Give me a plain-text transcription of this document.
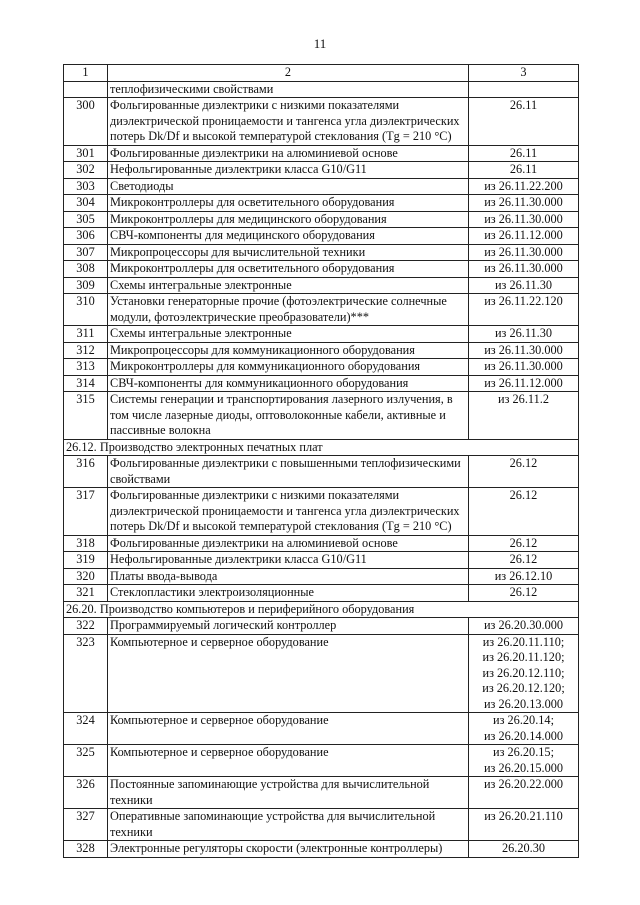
11
1	2	3
	теплофизическими свойствами	
300	Фольгированные диэлектрики с низкими показателями диэлектрической проницаемости и тангенса угла диэлектрических потерь Dk/Df и высокой температурой стеклования (Tg = 210 °C)	26.11
301	Фольгированные диэлектрики на алюминиевой основе	26.11
302	Нефольгированные диэлектрики класса G10/G11	26.11
303	Светодиоды	из 26.11.22.200
304	Микроконтроллеры для осветительного оборудования	из 26.11.30.000
305	Микроконтроллеры для медицинского оборудования	из 26.11.30.000
306	СВЧ-компоненты для медицинского оборудования	из 26.11.12.000
307	Микропроцессоры для вычислительной техники	из 26.11.30.000
308	Микроконтроллеры для осветительного оборудования	из 26.11.30.000
309	Схемы интегральные электронные	из 26.11.30
310	Установки генераторные прочие (фотоэлектрические солнечные модули, фотоэлектрические преобразователи)***	из 26.11.22.120
311	Схемы интегральные электронные	из 26.11.30
312	Микропроцессоры для коммуникационного оборудования	из 26.11.30.000
313	Микроконтроллеры для коммуникационного оборудования	из 26.11.30.000
314	СВЧ-компоненты для коммуникационного оборудования	из 26.11.12.000
315	Системы генерации и транспортирования лазерного излучения, в том числе лазерные диоды, оптоволоконные кабели, активные и пассивные волокна	из 26.11.2
26.12. Производство электронных печатных плат		
316	Фольгированные диэлектрики с повышенными теплофизическими свойствами	26.12
317	Фольгированные диэлектрики с низкими показателями диэлектрической проницаемости и тангенса угла диэлектрических потерь Dk/Df и высокой температурой стеклования (Tg = 210 °C)	26.12
318	Фольгированные диэлектрики на алюминиевой основе	26.12
319	Нефольгированные диэлектрики класса G10/G11	26.12
320	Платы ввода-вывода	из 26.12.10
321	Стеклопластики электроизоляционные	26.12
26.20. Производство компьютеров и периферийного оборудования		
322	Программируемый логический контроллер	из 26.20.30.000
323	Компьютерное и серверное оборудование	из 26.20.11.110;
из 26.20.11.120;
из 26.20.12.110;
из 26.20.12.120;
из 26.20.13.000

324	Компьютерное и серверное оборудование	из 26.20.14;
из 26.20.14.000

325	Компьютерное и серверное оборудование	из 26.20.15;
из 26.20.15.000

326	Постоянные запоминающие устройства для вычислительной техники	из 26.20.22.000
327	Оперативные запоминающие устройства для вычислительной техники	из 26.20.21.110
328	Электронные регуляторы скорости (электронные контроллеры)	26.20.30
